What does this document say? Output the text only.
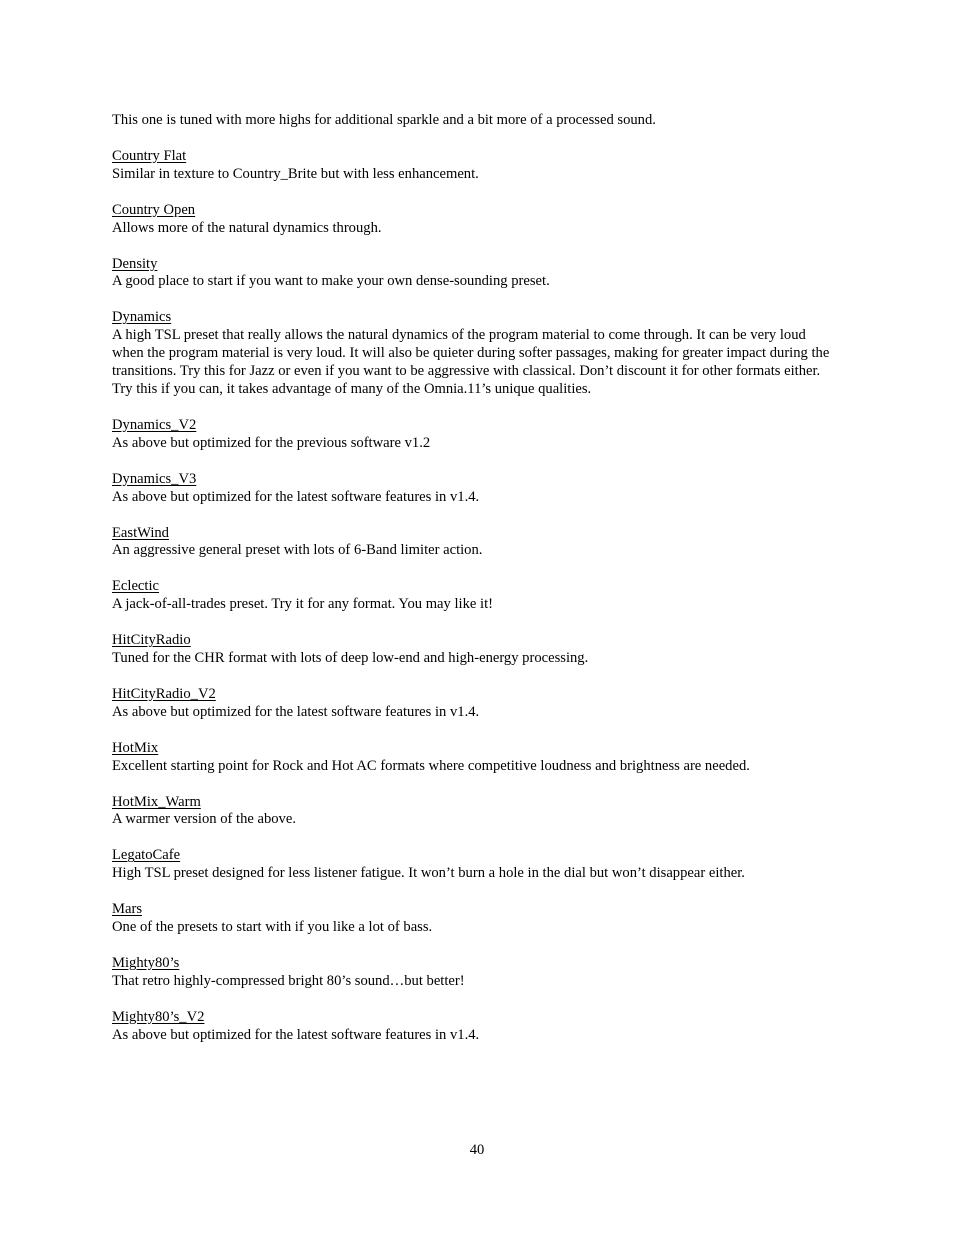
This one is tuned with more highs for additional sparkle and a bit more of a processed sound.
Country Flat
Similar in texture to Country_Brite but with less enhancement.
Country Open
Allows more of the natural dynamics through.
Density
A good place to start if you want to make your own dense-sounding preset.
Dynamics
A high TSL preset that really allows the natural dynamics of the program material to come through. It can be very loud when the program material is very loud. It will also be quieter during softer passages, making for greater impact during the transitions. Try this for Jazz or even if you want to be aggressive with classical. Don’t discount it for other formats either. Try this if you can, it takes advantage of many of the Omnia.11’s unique qualities.
Dynamics_V2
As above but optimized for the previous software v1.2
Dynamics_V3
As above but optimized for the latest software features in v1.4.
EastWind
An aggressive general preset with lots of 6-Band limiter action.
Eclectic
A jack-of-all-trades preset. Try it for any format. You may like it!
HitCityRadio
Tuned for the CHR format with lots of deep low-end and high-energy processing.
HitCityRadio_V2
As above but optimized for the latest software features in v1.4.
HotMix
Excellent starting point for Rock and Hot AC formats where competitive loudness and brightness are needed.
HotMix_Warm
A warmer version of the above.
LegatoCafe
High TSL preset designed for less listener fatigue. It won’t burn a hole in the dial but won’t disappear either.
Mars
One of the presets to start with if you like a lot of bass.
Mighty80’s
That retro highly-compressed bright 80’s sound…but better!
Mighty80’s_V2
As above but optimized for the latest software features in v1.4.
40
